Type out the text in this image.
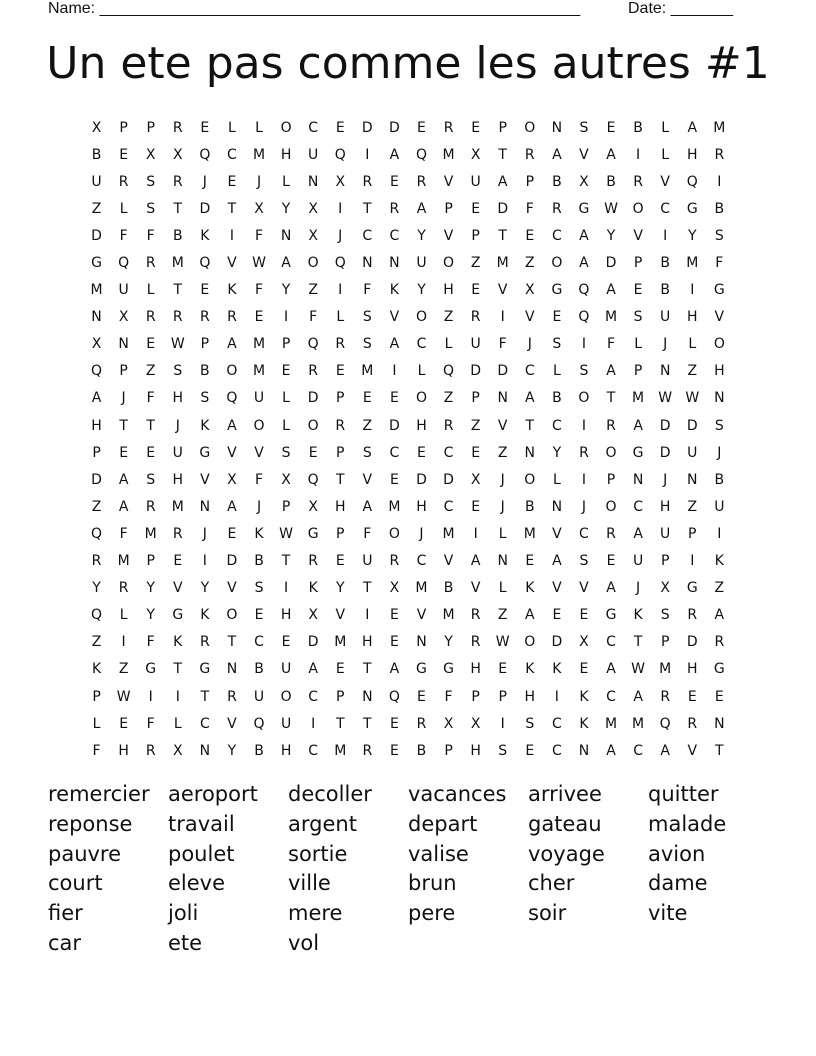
Name: ______________________________________________________	Date: _______
Un ete pas comme les autres #1
X	P	P	R	E	L	L	O	C	E	D	D	E	R	E	P	O	N	S	E	B	L	A	M
B	E	X	X	Q	C	M	H	U	Q	I	A	Q	M	X	T	R	A	V	A	I	L	H	R
U	R	S	R	J	E	J	L	N	X	R	E	R	V	U	A	P	B	X	B	R	V	Q	I
Z	L	S	T	D	T	X	Y	X	I	T	R	A	P	E	D	F	R	G	W	O	C	G	B
D	F	F	B	K	I	F	N	X	J	C	C	Y	V	P	T	E	C	A	Y	V	I	Y	S
G	Q	R	M	Q	V	W	A	O	Q	N	N	U	O	Z	M	Z	O	A	D	P	B	M	F
M	U	L	T	E	K	F	Y	Z	I	F	K	Y	H	E	V	X	G	Q	A	E	B	I	G
N	X	R	R	R	R	E	I	F	L	S	V	O	Z	R	I	V	E	Q	M	S	U	H	V
X	N	E	W	P	A	M	P	Q	R	S	A	C	L	U	F	J	S	I	F	L	J	L	O
Q	P	Z	S	B	O	M	E	R	E	M	I	L	Q	D	D	C	L	S	A	P	N	Z	H
A	J	F	H	S	Q	U	L	D	P	E	E	O	Z	P	N	A	B	O	T	M	W W	N
H	T	T	J	K	A	O	L	O	R	Z	D	H	R	Z	V	T	C	I	R	A	D	D	S
P	E	E	U	G	V	V	S	E	P	S	C	E	C	E	Z	N	Y	R	O	G	D	U	J
D	A	S	H	V	X	F	X	Q	T	V	E	D	D	X	J	O	L	I	P	N	J	N	B
Z	A	R	M	N	A	J	P	X	H	A	M	H	C	E	J	B	N	J	O	C	H	Z	U
Q	F	M	R	J	E	K	W	G	P	F	O	J	M	I	L	M	V	C	R	A	U	P	I
R	M	P	E	I	D	B	T	R	E	U	R	C	V	A	N	E	A	S	E	U	P	I	K
Y	R	Y	V	Y	V	S	I	K	Y	T	X	M	B	V	L	K	V	V	A	J	X	G	Z
Q	L	Y	G	K	O	E	H	X	V	I	E	V	M	R	Z	A	E	E	G	K	S	R	A
Z	I	F	K	R	T	C	E	D	M	H	E	N	Y	R	W	O	D	X	C	T	P	D	R
K	Z	G	T	G	N	B	U	A	E	T	A	G	G	H	E	K	K	E	A	W	M	H	G
P	W	I	I	T	R	U	O	C	P	N	Q	E	F	P	P	H	I	K	C	A	R	E	E
L	E	F	L	C	V	Q	U	I	T	T	E	R	X	X	I	S	C	K	M	M	Q	R	N
F	H	R	X	N	Y	B	H	C	M	R	E	B	P	H	S	E	C	N	A	C	A	V	T
remercier aeroport	decoller	vacances	arrivee	quitter
reponse	travail	argent	depart	gateau	malade
pauvre	poulet	sortie	valise	voyage	avion
court	eleve	ville	brun	cher	dame
fier	joli	mere	pere	soir	vite
car	ete	vol
